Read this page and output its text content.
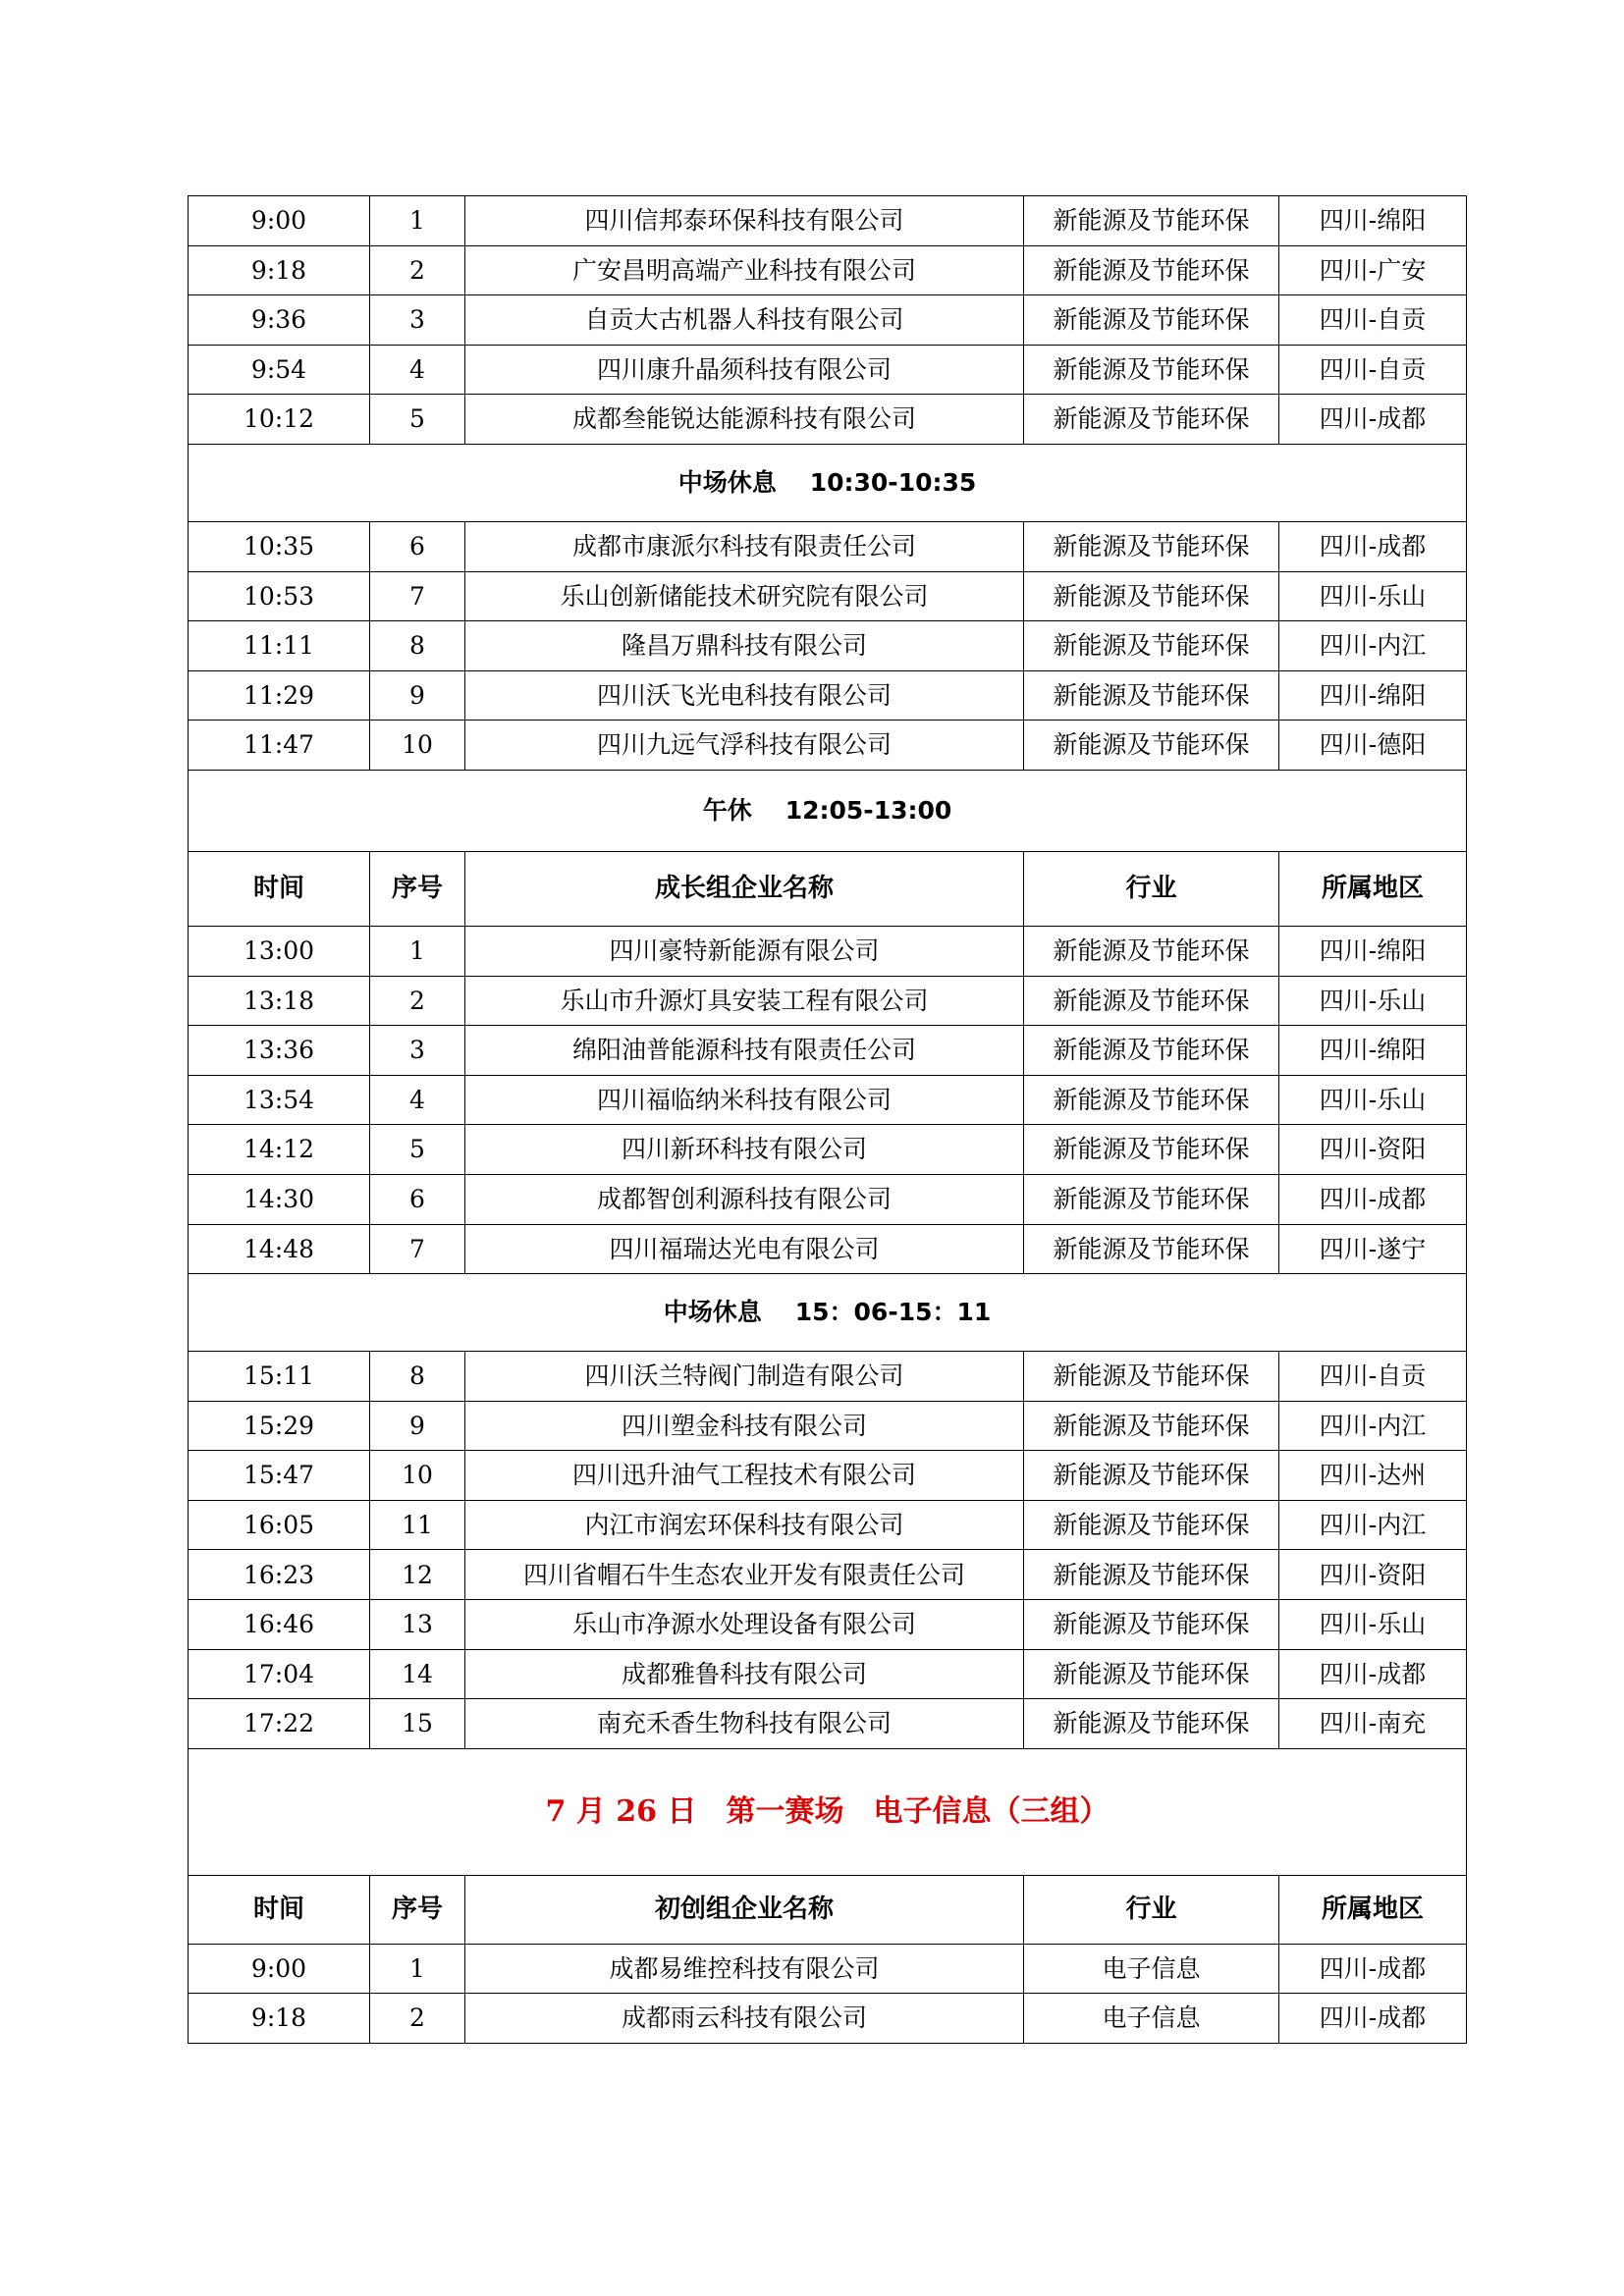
9:00	1	四川信邦泰环保科技有限公司	新能源及节能环保	四川-绵阳
9:18	2	广安昌明高端产业科技有限公司	新能源及节能环保	四川-广安
9:36	3	自贡大古机器人科技有限公司	新能源及节能环保	四川-自贡
9:54	4	四川康升晶须科技有限公司	新能源及节能环保	四川-自贡
10:12	5	成都叁能锐达能源科技有限公司	新能源及节能环保	四川-成都
中场休息 10:30-10:35				
10:35	6	成都市康派尔科技有限责任公司	新能源及节能环保	四川-成都
10:53	7	乐山创新储能技术研究院有限公司	新能源及节能环保	四川-乐山
11:11	8	隆昌万鼎科技有限公司	新能源及节能环保	四川-内江
11:29	9	四川沃飞光电科技有限公司	新能源及节能环保	四川-绵阳
11:47	10	四川九远气浮科技有限公司	新能源及节能环保	四川-德阳
午休 12:05-13:00				
时间	序号	成长组企业名称	行业	所属地区
13:00	1	四川豪特新能源有限公司	新能源及节能环保	四川-绵阳
13:18	2	乐山市升源灯具安装工程有限公司	新能源及节能环保	四川-乐山
13:36	3	绵阳油普能源科技有限责任公司	新能源及节能环保	四川-绵阳
13:54	4	四川福临纳米科技有限公司	新能源及节能环保	四川-乐山
14:12	5	四川新环科技有限公司	新能源及节能环保	四川-资阳
14:30	6	成都智创利源科技有限公司	新能源及节能环保	四川-成都
14:48	7	四川福瑞达光电有限公司	新能源及节能环保	四川-遂宁
中场休息 15：06-15：11				
15:11	8	四川沃兰特阀门制造有限公司	新能源及节能环保	四川-自贡
15:29	9	四川塑金科技有限公司	新能源及节能环保	四川-内江
15:47	10	四川迅升油气工程技术有限公司	新能源及节能环保	四川-达州
16:05	11	内江市润宏环保科技有限公司	新能源及节能环保	四川-内江
16:23	12	四川省帽石牛生态农业开发有限责任公司	新能源及节能环保	四川-资阳
16:46	13	乐山市净源水处理设备有限公司	新能源及节能环保	四川-乐山
17:04	14	成都雅鲁科技有限公司	新能源及节能环保	四川-成都
17:22	15	南充禾香生物科技有限公司	新能源及节能环保	四川-南充
7 月 26 日　第一赛场　电子信息（三组）				
时间	序号	初创组企业名称	行业	所属地区
9:00	1	成都易维控科技有限公司	电子信息	四川-成都
9:18	2	成都雨云科技有限公司	电子信息	四川-成都
